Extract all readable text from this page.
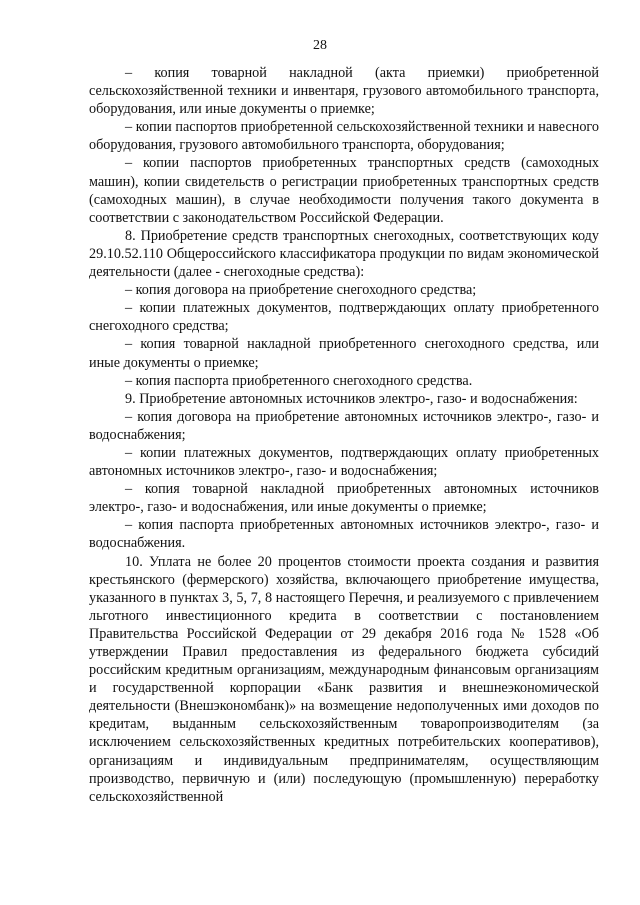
28

– копия товарной накладной (акта приемки) приобретенной сельскохозяйственной техники и инвентаря, грузового автомобильного транспорта, оборудования, или иные документы о приемке;

– копии паспортов приобретенной сельскохозяйственной техники и навесного оборудования, грузового автомобильного транспорта, оборудования;

– копии паспортов приобретенных транспортных средств (самоходных машин), копии свидетельств о регистрации приобретенных транспортных средств (самоходных машин), в случае необходимости получения такого документа в соответствии с законодательством Российской Федерации.

8. Приобретение средств транспортных снегоходных, соответствующих коду 29.10.52.110 Общероссийского классификатора продукции по видам экономической деятельности (далее - снегоходные средства):

– копия договора на приобретение снегоходного средства;

– копии платежных документов, подтверждающих оплату приобретенного снегоходного средства;

– копия товарной накладной приобретенного снегоходного средства, или иные документы о приемке;

– копия паспорта приобретенного снегоходного средства.

9. Приобретение автономных источников электро-, газо- и водоснабжения:

– копия договора на приобретение автономных источников электро-, газо- и водоснабжения;

– копии платежных документов, подтверждающих оплату приобретенных автономных источников электро-, газо- и водоснабжения;

– копия товарной накладной приобретенных автономных источников электро-, газо- и водоснабжения, или иные документы о приемке;

– копия паспорта приобретенных автономных источников электро-, газо- и водоснабжения.

10. Уплата не более 20 процентов стоимости проекта создания и развития крестьянского (фермерского) хозяйства, включающего приобретение имущества, указанного в пунктах 3, 5, 7, 8 настоящего Перечня, и реализуемого с привлечением льготного инвестиционного кредита в соответствии с постановлением Правительства Российской Федерации от 29 декабря 2016 года № 1528 «Об утверждении Правил предоставления из федерального бюджета субсидий российским кредитным организациям, международным финансовым организациям и государственной корпорации «Банк развития и внешнеэкономической деятельности (Внешэкономбанк)» на возмещение недополученных ими доходов по кредитам, выданным сельскохозяйственным товаропроизводителям (за исключением сельскохозяйственных кредитных потребительских кооперативов), организациям и индивидуальным предпринимателям, осуществляющим производство, первичную и (или) последующую (промышленную) переработку сельскохозяйственной
